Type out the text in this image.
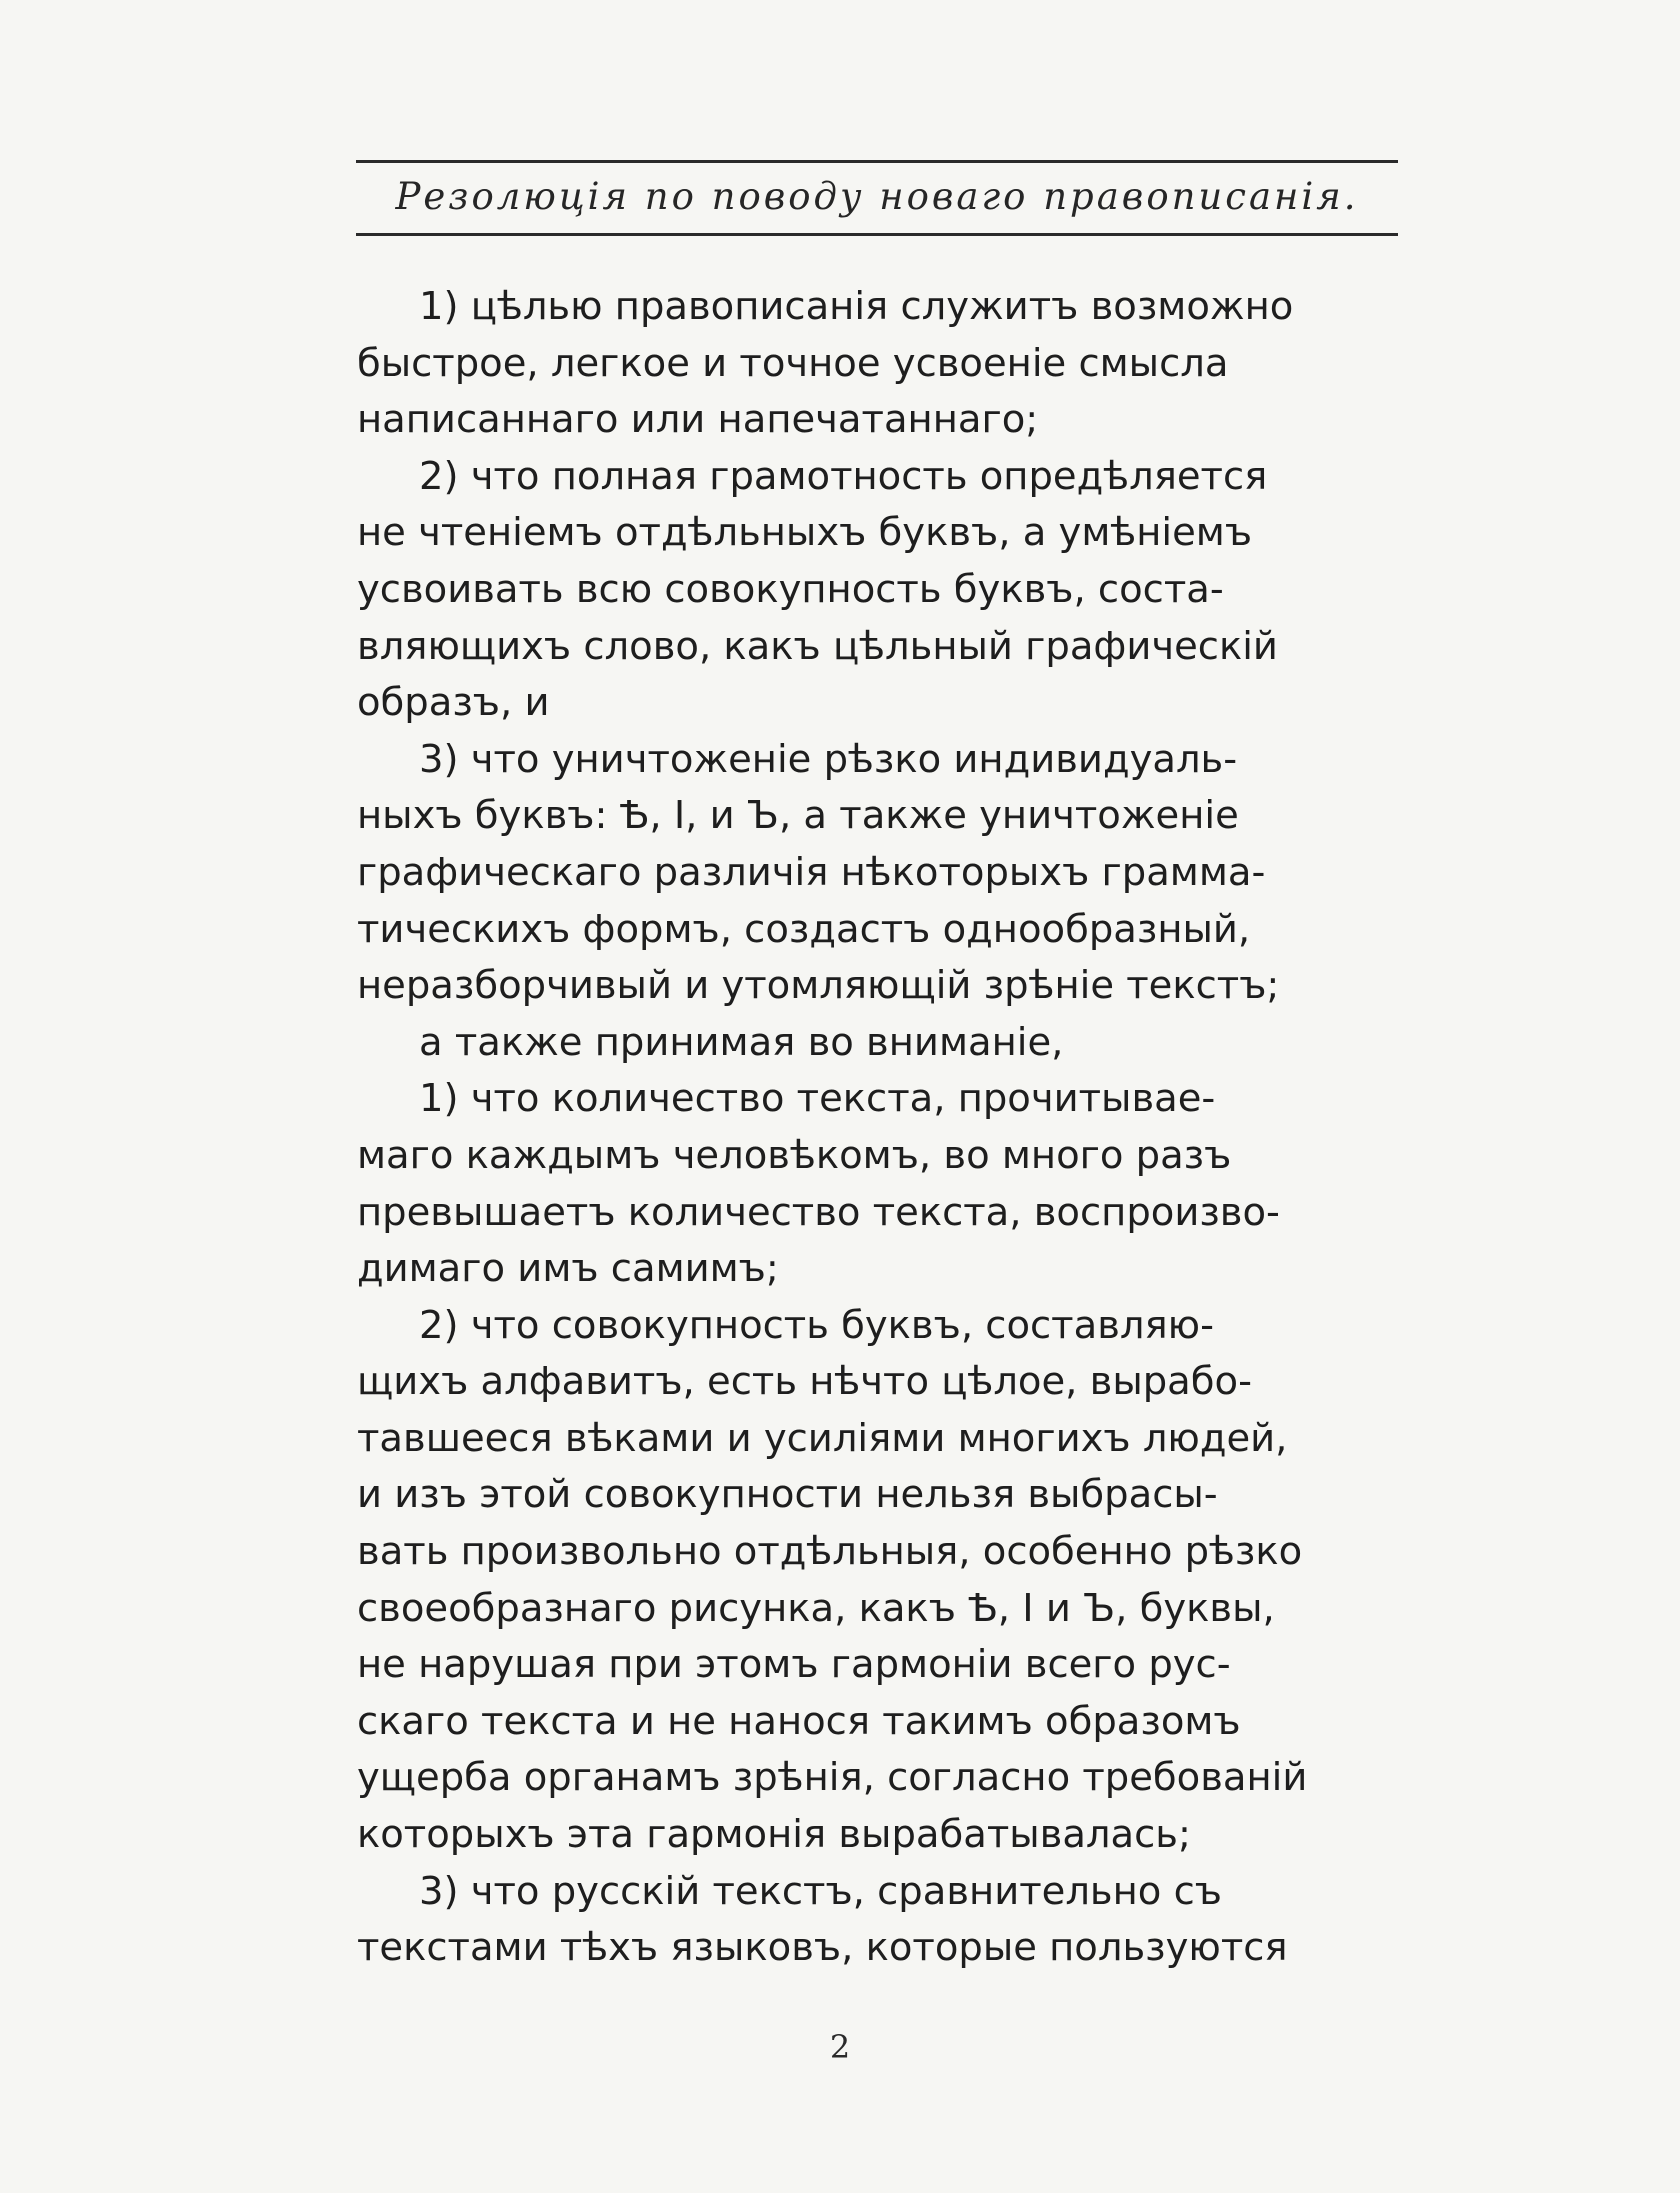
Резолюція по поводу новаго правописанія.
1) цѣлью правописанія служитъ возможно
быстрое, легкое и точное усвоеніе смысла
написаннаго или напечатаннаго;
2) что полная грамотность опредѣляется
не чтеніемъ отдѣльныхъ буквъ, а умѣніемъ
усвоивать всю совокупность буквъ, соста-
вляющихъ слово, какъ цѣльный графическій
образъ, и
3) что уничтоженіе рѣзко индивидуаль-
ныхъ буквъ: Ѣ, I, и Ъ, а также уничтоженіе
графическаго различія нѣкоторыхъ граммa-
тическихъ формъ, создастъ однообразный,
неразборчивый и утомляющій зрѣніе текстъ;
а также принимая во вниманіе,
1) что количество текста, прочитывае-
маго каждымъ человѣкомъ, во много разъ
превышаетъ количество текста, воспроизво-
димаго имъ самимъ;
2) что совокупность буквъ, составляю-
щихъ алфавитъ, есть нѣчто цѣлое, вырабо-
тавшееся вѣками и усиліями многихъ людей,
и изъ этой совокупности нельзя выбрасы-
вать произвольно отдѣльныя, особенно рѣзко
своеобразнаго рисунка, какъ Ѣ, I и Ъ, буквы,
не нарушая при этомъ гармоніи всего рус-
скаго текста и не нанося такимъ образомъ
ущерба органамъ зрѣнія, согласно требованій
которыхъ эта гармонія вырабатывалась;
3) что русскій текстъ, сравнительно съ
текстами тѣхъ языковъ, которые пользуются
2
